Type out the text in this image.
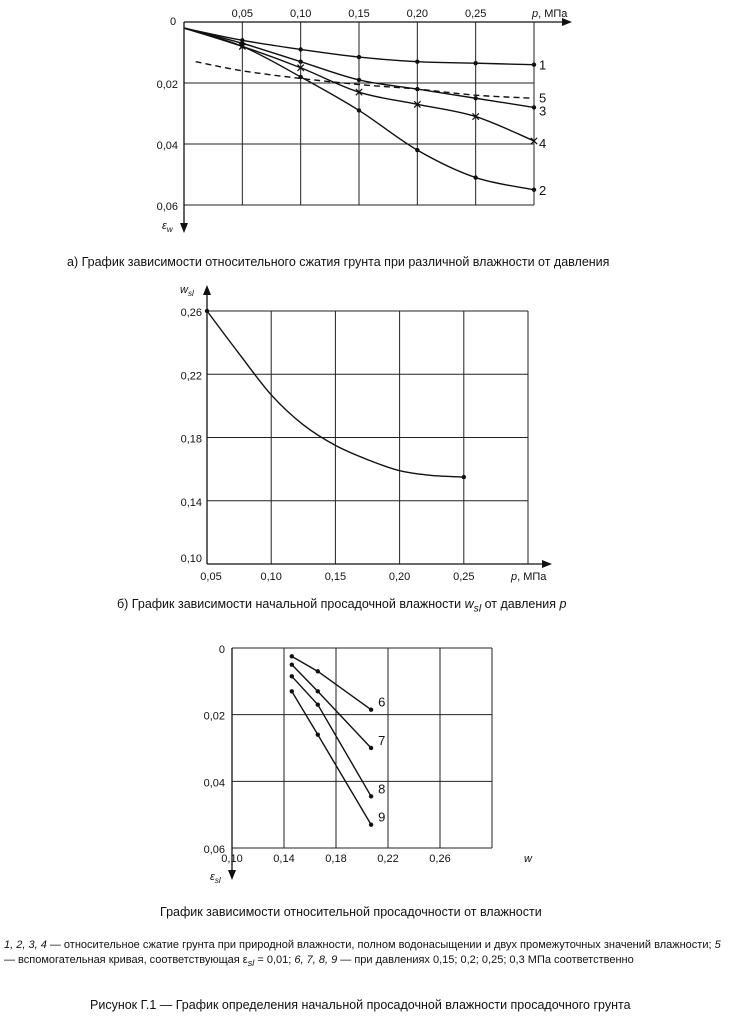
0,05	0,10	0,15	0,20	0,25
0
0,02
0,04
0,06
p, МПа
$\varepsilon_w$
1
2
3
4
5
0,05	0,10	0,15	0,20	0,25
0,10
0,14
0,18
0,22
0,26
p, МПа
$w_{sl}$
0,10	0,14	0,18	0,22	0,26
0
0,02
0,04
0,06
w
$\varepsilon_{sl}$
6
7
8
9
а) График зависимости относительного сжатия грунта при различной влажности от давления
б) График зависимости начальной просадочной влажности $w_{sl}$ от давления p
График зависимости относительной просадочности от влажности
1, 2, 3, 4 — относительное сжатие грунта при природной влажности, полном водонасыщении и двух промежуточных значений влажности; 5 — вспомогательная кривая, соответствующая $\varepsilon_{sl} = 0,01$; 6, 7, 8, 9 — при давлениях 0,15; 0,2; 0,25; 0,3 МПа соответственно
Рисунок Г.1 — График определения начальной просадочной влажности просадочного грунта
